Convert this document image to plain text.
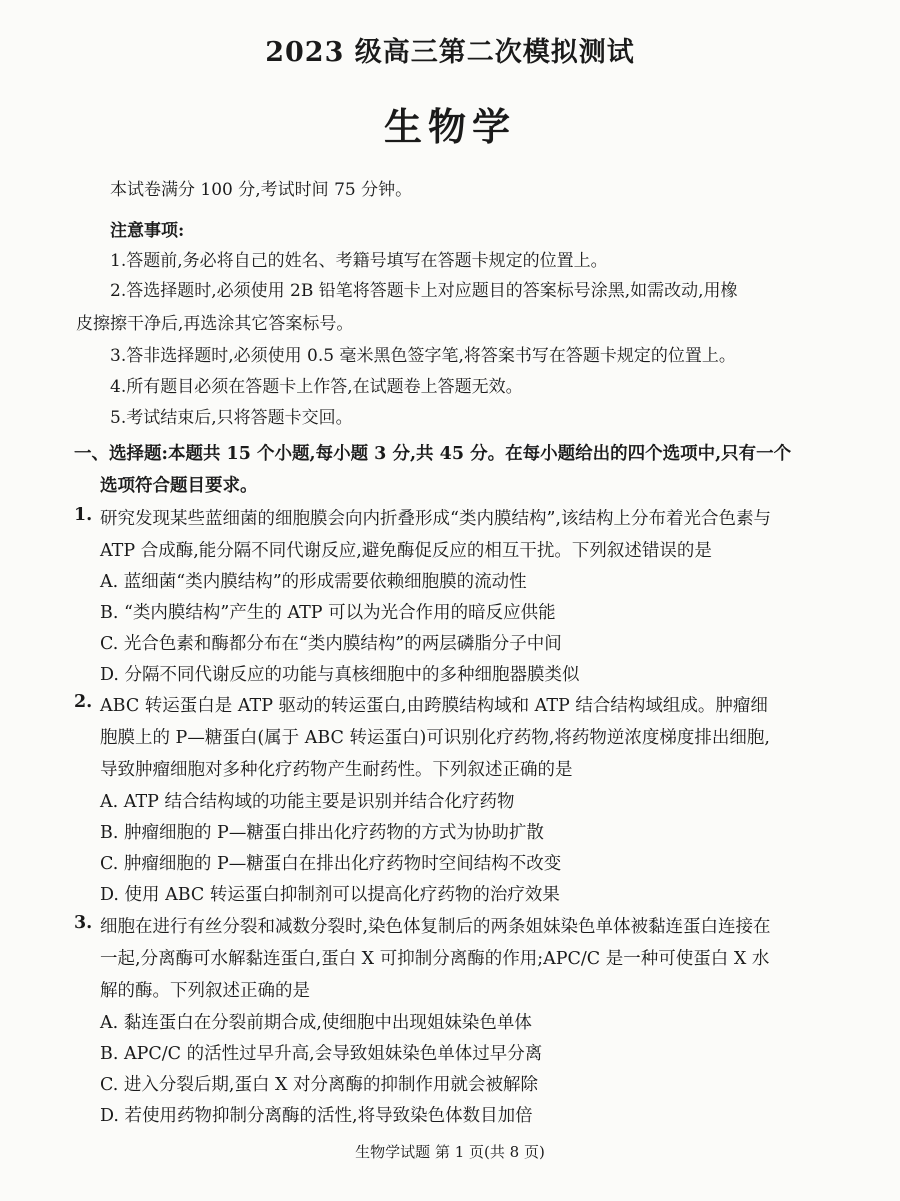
2023 级高三第二次模拟测试
生物学
本试卷满分 100 分,考试时间 75 分钟。
注意事项:
1.答题前,务必将自己的姓名、考籍号填写在答题卡规定的位置上。
2.答选择题时,必须使用 2B 铅笔将答题卡上对应题目的答案标号涂黑,如需改动,用橡
皮擦擦干净后,再选涂其它答案标号。
3.答非选择题时,必须使用 0.5 毫米黑色签字笔,将答案书写在答题卡规定的位置上。
4.所有题目必须在答题卡上作答,在试题卷上答题无效。
5.考试结束后,只将答题卡交回。
一、选择题:本题共 15 个小题,每小题 3 分,共 45 分。在每小题给出的四个选项中,只有一个
选项符合题目要求。
1. 研究发现某些蓝细菌的细胞膜会向内折叠形成“类内膜结构”,该结构上分布着光合色素与
ATP 合成酶,能分隔不同代谢反应,避免酶促反应的相互干扰。下列叙述错误的是
A. 蓝细菌“类内膜结构”的形成需要依赖细胞膜的流动性
B. “类内膜结构”产生的 ATP 可以为光合作用的暗反应供能
C. 光合色素和酶都分布在“类内膜结构”的两层磷脂分子中间
D. 分隔不同代谢反应的功能与真核细胞中的多种细胞器膜类似
2. ABC 转运蛋白是 ATP 驱动的转运蛋白,由跨膜结构域和 ATP 结合结构域组成。肿瘤细
胞膜上的 P—糖蛋白(属于 ABC 转运蛋白)可识别化疗药物,将药物逆浓度梯度排出细胞,
导致肿瘤细胞对多种化疗药物产生耐药性。下列叙述正确的是
A. ATP 结合结构域的功能主要是识别并结合化疗药物
B. 肿瘤细胞的 P—糖蛋白排出化疗药物的方式为协助扩散
C. 肿瘤细胞的 P—糖蛋白在排出化疗药物时空间结构不改变
D. 使用 ABC 转运蛋白抑制剂可以提高化疗药物的治疗效果
3. 细胞在进行有丝分裂和减数分裂时,染色体复制后的两条姐妹染色单体被黏连蛋白连接在
一起,分离酶可水解黏连蛋白,蛋白 X 可抑制分离酶的作用;APC/C 是一种可使蛋白 X 水
解的酶。下列叙述正确的是
A. 黏连蛋白在分裂前期合成,使细胞中出现姐妹染色单体
B. APC/C 的活性过早升高,会导致姐妹染色单体过早分离
C. 进入分裂后期,蛋白 X 对分离酶的抑制作用就会被解除
D. 若使用药物抑制分离酶的活性,将导致染色体数目加倍
生物学试题 第 1 页(共 8 页)
